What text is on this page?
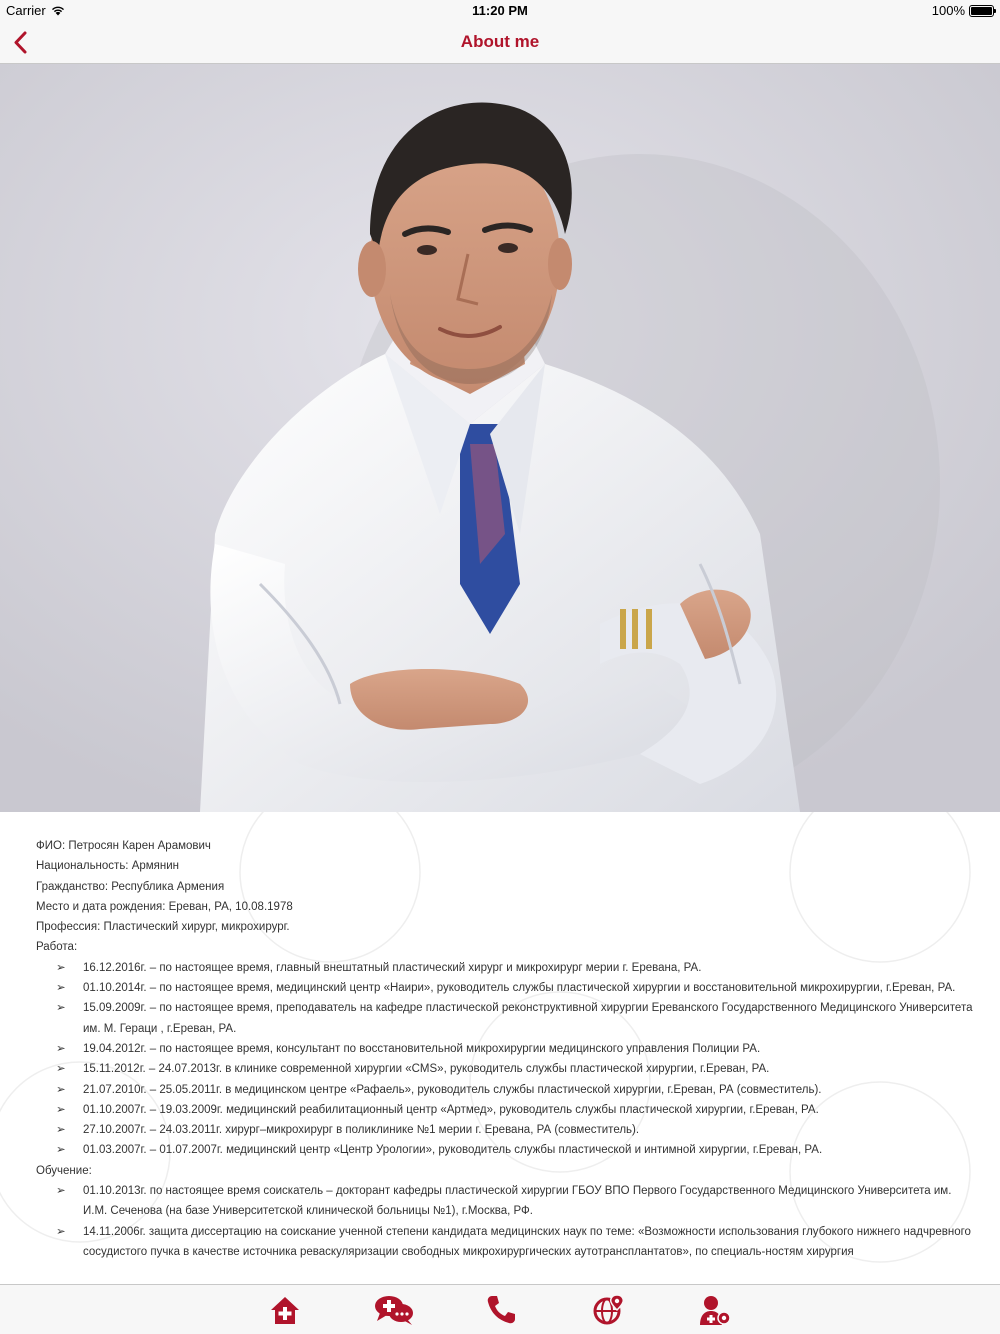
Carrier	11:20 PM	100%
About me
ФИО: Петросян Карен Арамович
Национальность: Армянин
Гражданство: Республика Армения
Место и дата рождения: Ереван, РА, 10.08.1978
Профессия: Пластический хирург, микрохирург.
Работа:
➢	16.12.2016г. – по настоящее время, главный внештатный пластический хирург и микрохирург мерии г. Еревана, РА.
➢	01.10.2014г. – по настоящее время, медицинский центр «Наири», руководитель службы пластической хирургии и восстановительной микрохирургии, г.Ереван, РА.
➢	15.09.2009г. – по настоящее время, преподаватель на кафедре пластической реконструктивной хирургии Ереванского Государственного Медицинского Университета им. М. Гераци , г.Ереван, РА.
➢	19.04.2012г. – по настоящее время, консультант по восстановительной микрохирургии медицинского управления Полиции РА.
➢	15.11.2012г. – 24.07.2013г. в клинике современной хирургии «CMS», руководитель службы пластической хирургии, г.Ереван, РА.
➢	21.07.2010г. – 25.05.2011г. в медицинском центре «Рафаель», руководитель службы пластической хирургии, г.Ереван, РА (совместитель).
➢	01.10.2007г. – 19.03.2009г. медицинский реабилитационный центр «Артмед», руководитель службы пластической хирургии, г.Ереван, РА.
➢	27.10.2007г. – 24.03.2011г. хирург–микрохирург в поликлинике №1 мерии г. Еревана, РА (совместитель).
➢	01.03.2007г. – 01.07.2007г. медицинский центр «Центр Урологии», руководитель службы пластической и интимной хирургии, г.Ереван, РА.
Обучение:
➢	01.10.2013г. по настоящее время соискатель – докторант кафедры пластической хирургии ГБОУ ВПО Первого Государственного Медицинского Университета им. И.М. Сеченова (на базе Университетской клинической больницы №1), г.Москва, РФ.
➢	14.11.2006г. защита диссертацию на соискание ученной степени кандидата медицинских наук по теме: «Возможности использования глубокого нижнего надчревного сосудистого пучка в качестве источника реваскуляризации свободных микрохирургических аутотрансплантатов», по специаль-ностям хирургия
